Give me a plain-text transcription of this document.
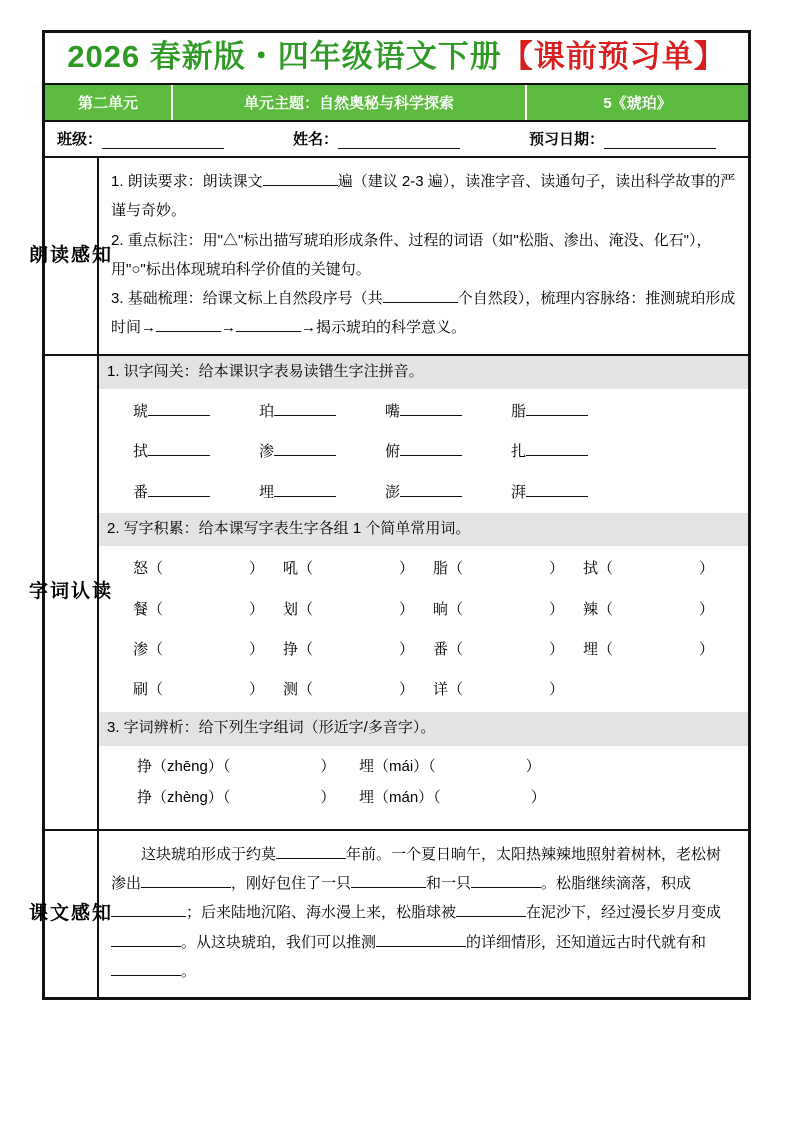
2026 春新版・四年级语文下册【课前预习单】
第二单元	单元主题：自然奥秘与科学探索	5《琥珀》
班级：	姓名：	预习日期：
朗 读 感 知
1. 朗读要求：朗读课文	遍（建议 2-3 遍），读准字音、读通句子，读出科学故事的严谨与奇妙。
2. 重点标注：用"△"标出描写琥珀形成条件、过程的词语（如"松脂、渗出、淹没、化石"），用"○"标出体现琥珀科学价值的关键句。
3. 基础梳理：给课文标上自然段序号（共	个自然段），梳理内容脉络：推测琥珀形成时间→	→	→揭示琥珀的科学意义。
字 词 认 读
1. 识字闯关：给本课识字表易读错生字注拼音。
琥	珀	嘴	脂
拭	渗	俯	扎
番	埋	澎	湃
2. 写字积累：给本课写字表生字各组 1 个简单常用词。
怒（	）	吼（	）	脂（	）	拭（	）
餐（	）	划（	）	晌（	）	辣（	）
渗（	）	挣（	）	番（	）	埋（	）
刷（	）	测（	）	详（	）
3. 字词辨析：给下列生字组词（形近字/多音字）。
挣（zhēng）（	） 埋（mái）（	）
挣（zhèng）（	） 埋（mán）（	）
课 文 感 知
这块琥珀形成于约莫	年前。一个夏日晌午，太阳热辣辣地照射着树林，老松树渗出	，刚好包住了一只	和一只	。松脂继续滴落，积成；后来陆地沉陷、海水漫上来，松脂球被	在泥沙下，经过漫长岁月变成。从这块琥珀，我们可以推测	的详细情形，还知道远古时代就有和。
